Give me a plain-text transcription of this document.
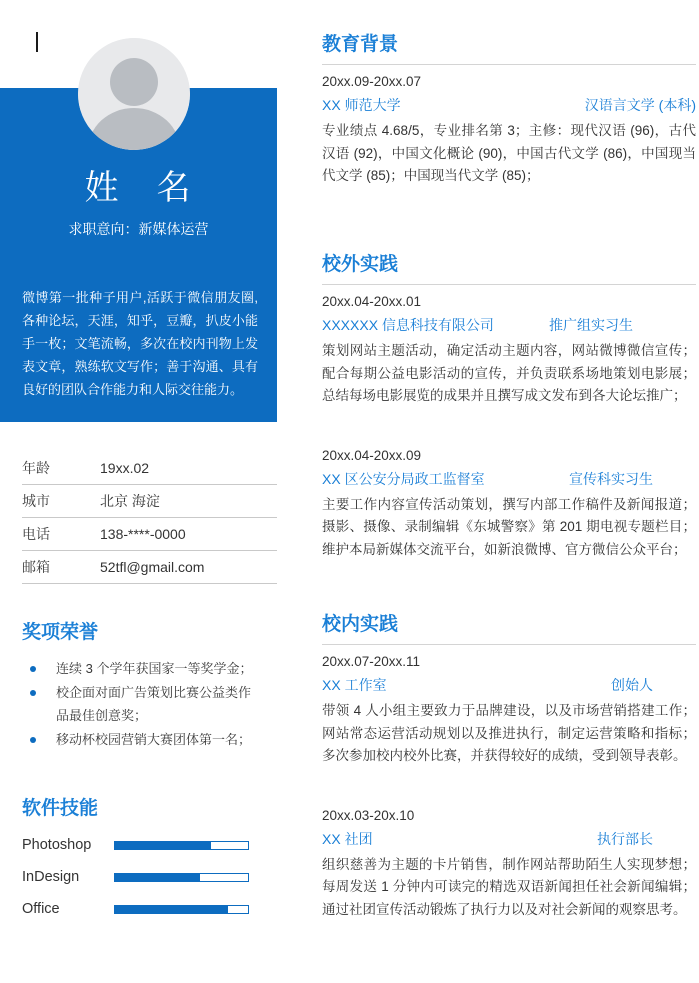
姓　名
求职意向：新媒体运营
微博第一批种子用户,活跃于微信朋友圈,各种论坛，天涯，知乎，豆瓣，扒皮小能手一枚；文笔流畅，多次在校内刊物上发表文章，熟练软文写作；善于沟通、具有良好的团队合作能力和人际交往能力。
年龄	19xx.02
城市	北京 海淀
电话	138-****-0000
邮箱	52tfl@gmail.com
奖项荣誉
连续 3 个学年获国家一等奖学金；
校企面对面广告策划比赛公益类作品最佳创意奖；
移动杯校园营销大赛团体第一名；
软件技能
Photoshop
InDesign
Office
教育背景
20xx.09-20xx.07
XX 师范大学	汉语言文学 (本科)
专业绩点 4.68/5，专业排名第 3；主修：现代汉语 (96)，古代汉语 (92)，中国文化概论 (90)，中国古代文学 (86)，中国现当代文学 (85)；中国现当代文学 (85)；
校外实践
20xx.04-20xx.01
XXXXXX 信息科技有限公司	推广组实习生
策划网站主题活动，确定活动主题内容，网站微博微信宣传；配合每期公益电影活动的宣传，并负责联系场地策划电影展；总结每场电影展览的成果并且撰写成文发布到各大论坛推广；
20xx.04-20xx.09
XX 区公安分局政工监督室	宣传科实习生
主要工作内容宣传活动策划，撰写内部工作稿件及新闻报道；摄影、摄像、录制编辑《东城警察》第 201 期电视专题栏目；维护本局新媒体交流平台，如新浪微博、官方微信公众平台；
校内实践
20xx.07-20xx.11
XX 工作室	创始人
带领 4 人小组主要致力于品牌建设，以及市场营销搭建工作；网站常态运营活动规划以及推进执行，制定运营策略和指标；多次参加校内校外比赛，并获得较好的成绩，受到领导表彰。
20xx.03-20x.10
XX 社团	执行部长
组织慈善为主题的卡片销售，制作网站帮助陌生人实现梦想；每周发送 1 分钟内可读完的精选双语新闻担任社会新闻编辑；通过社团宣传活动锻炼了执行力以及对社会新闻的观察思考。
